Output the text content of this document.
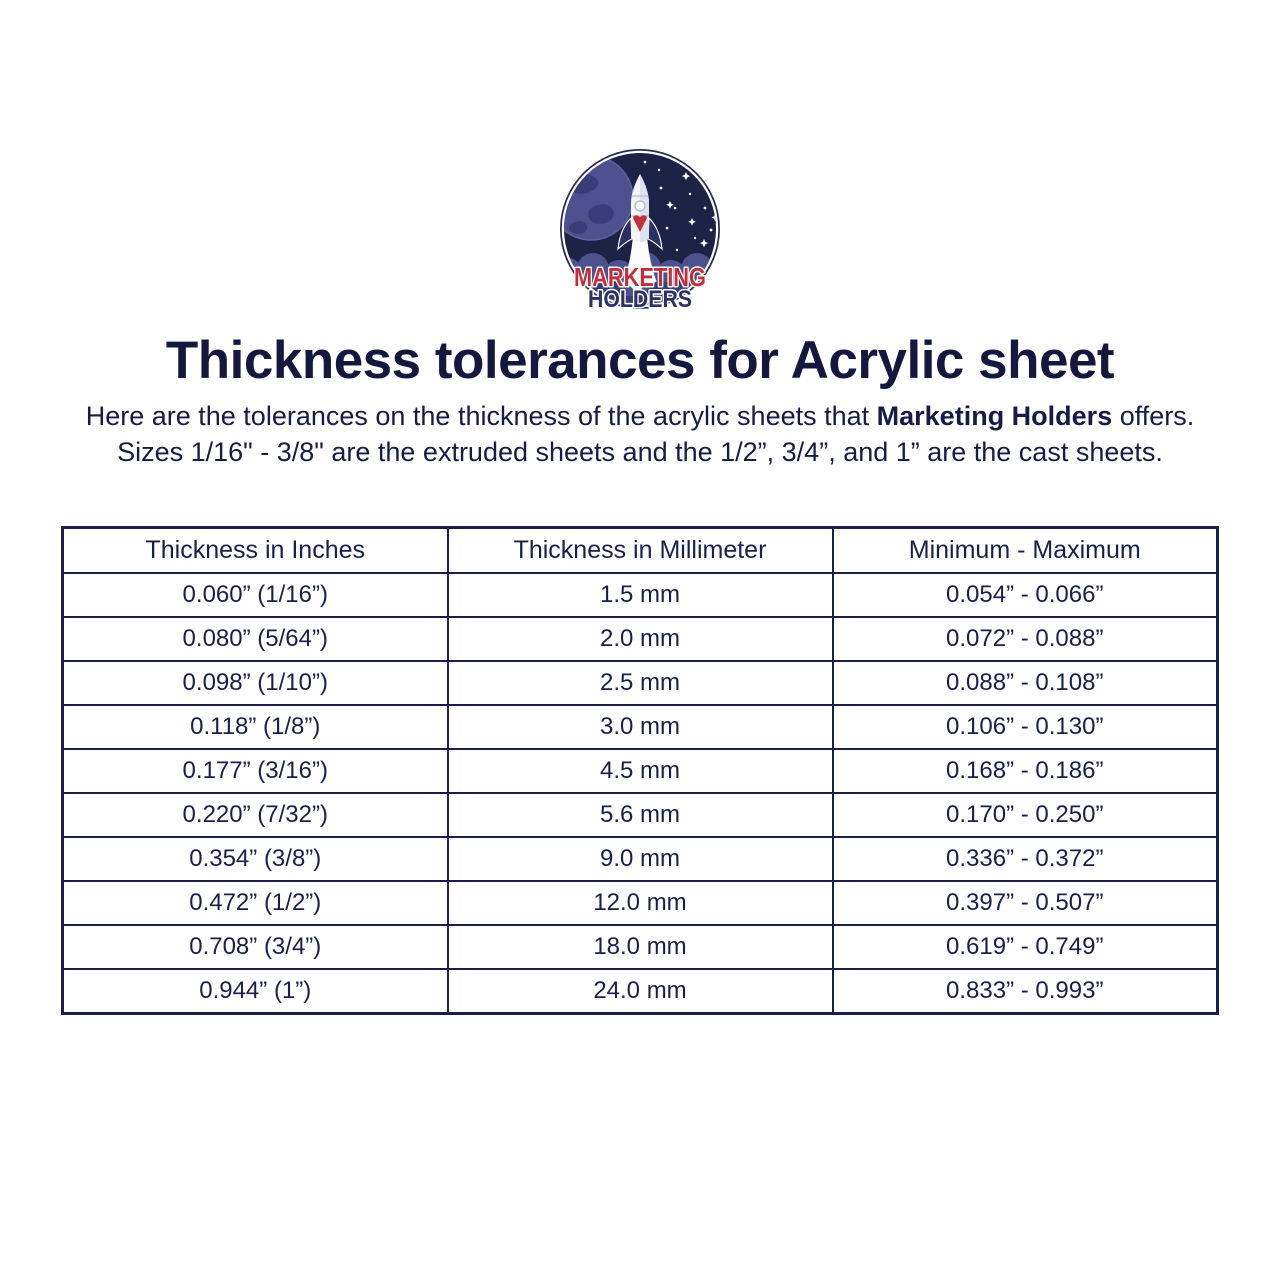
MARKETING
HOLDERS
Thickness tolerances for Acrylic sheet

Here are the tolerances on the thickness of the acrylic sheets that Marketing Holders offers.
Sizes 1/16" - 3/8" are the extruded sheets and the 1/2”, 3/4”, and 1” are the cast sheets.

Thickness in Inches	Thickness in Millimeter	Minimum - Maximum
0.060” (1/16”)	1.5 mm	0.054” - 0.066”
0.080” (5/64”)	2.0 mm	0.072” - 0.088”
0.098” (1/10”)	2.5 mm	0.088” - 0.108”
0.118” (1/8”)	3.0 mm	0.106” - 0.130”
0.177” (3/16”)	4.5 mm	0.168” - 0.186”
0.220” (7/32”)	5.6 mm	0.170” - 0.250”
0.354” (3/8”)	9.0 mm	0.336” - 0.372”
0.472” (1/2”)	12.0 mm	0.397” - 0.507”
0.708” (3/4”)	18.0 mm	0.619” - 0.749”
0.944” (1”)	24.0 mm	0.833” - 0.993”
